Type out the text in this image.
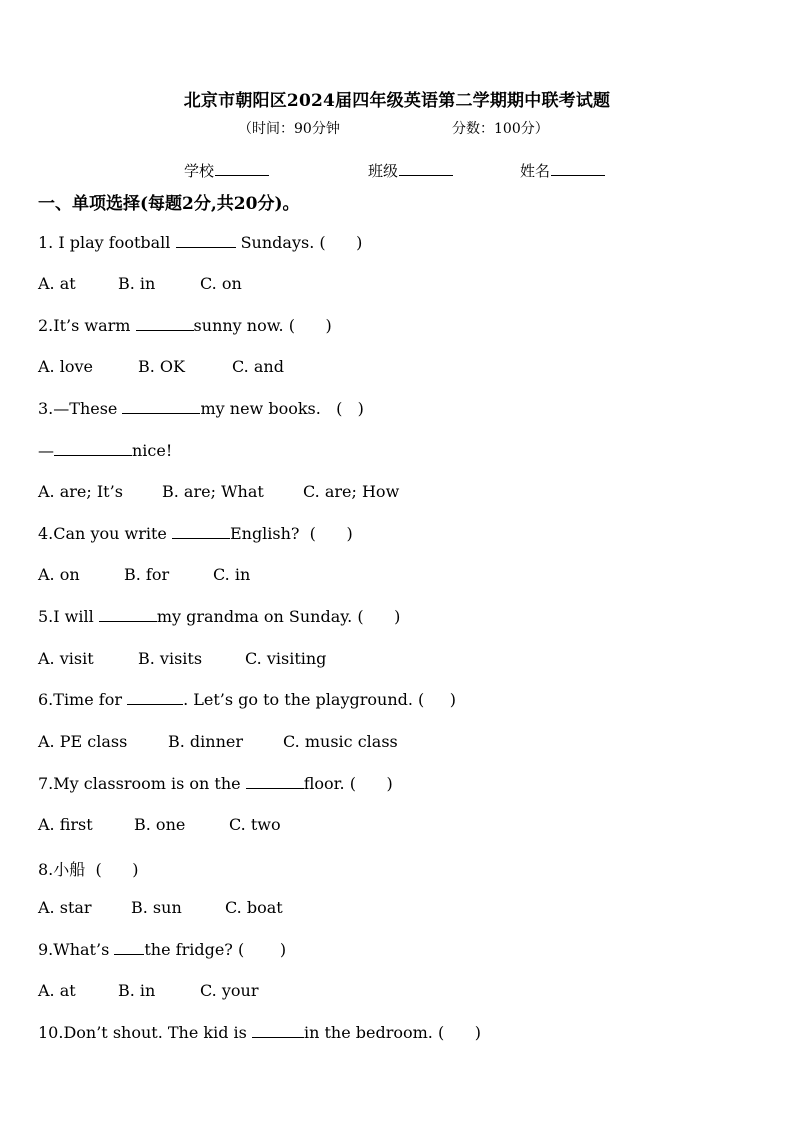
北京市朝阳区2024届四年级英语第二学期期中联考试题
（时间：90分钟	分数：100分）
学校	班级	姓名
一、单项选择(每题2分,共20分)。
1. I play football	Sundays. (      )
A. at	B. in	C. on
2.It’s warm	sunny now. (      )
A. love	B. OK	C. and
3.—These	my new books.   (   )
—	nice!
A. are; It’s B. are; What C. are; How
4.Can you write	English?  (      )
A. on	B. for	C. in
5.I will	my grandma on Sunday. (      )
A. visit	B. visits	C. visiting
6.Time for	. Let’s go to the playground. (     )
A. PE class	B. dinner C. music class
7.My classroom is on the	floor. (      )
A. first	B. one	C. two
8.小船  (      )
A. star B. sun	C. boat
9.What’s the fridge? (       )
A. at	B. in	C. your
10.Don’t shout. The kid is	in the bedroom. (      )
